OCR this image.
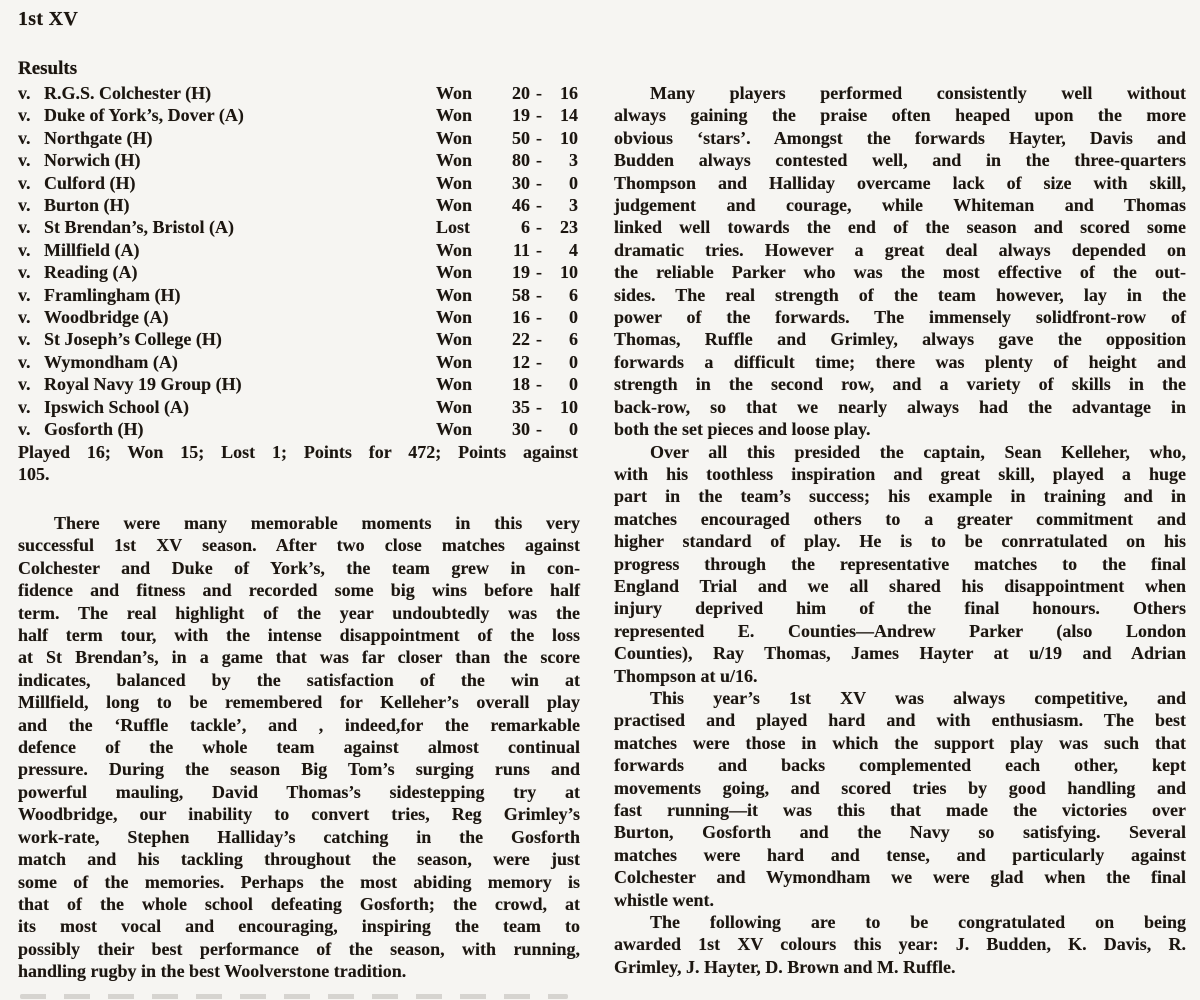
1st XV
Results
v. R.G.S. Colchester (H)	Won	20 -	16
v. Duke of York’s, Dover (A)	Won	19 -	14
v. Northgate (H)	Won	50 -	10
v. Norwich (H)	Won	80 -	3
v. Culford (H)	Won	30 -	0
v. Burton (H)	Won	46 -	3
v. St Brendan’s, Bristol (A)	Lost	6 -	23
v. Millfield (A)	Won	11 -	4
v. Reading (A)	Won	19 -	10
v. Framlingham (H)	Won	58 -	6
v. Woodbridge (A)	Won	16 -	0
v. St Joseph’s College (H)	Won	22 -	6
v. Wymondham (A)	Won	12 -	0
v. Royal Navy 19 Group (H)	Won	18 -	0
v. Ipswich School (A)	Won	35 -	10
v. Gosforth (H)	Won	30 -	0
Played 16; Won 15; Lost 1; Points for 472; Points against
105.
There were many memorable moments in this very
successful 1st XV season. After two close matches against
Colchester and Duke of York’s, the team grew in con-
fidence and fitness and recorded some big wins before half
term. The real highlight of the year undoubtedly was the
half term tour, with the intense disappointment of the loss
at St Brendan’s, in a game that was far closer than the score
indicates, balanced by the satisfaction of the win at
Millfield, long to be remembered for Kelleher’s overall play
and the ‘Ruffle tackle’, and , indeed,for the remarkable
defence of the whole team against almost continual
pressure. During the season Big Tom’s surging runs and
powerful mauling, David Thomas’s sidestepping try at
Woodbridge, our inability to convert tries, Reg Grimley’s
work-rate, Stephen Halliday’s catching in the Gosforth
match and his tackling throughout the season, were just
some of the memories. Perhaps the most abiding memory is
that of the whole school defeating Gosforth; the crowd, at
its most vocal and encouraging, inspiring the team to
possibly their best performance of the season, with running,
handling rugby in the best Woolverstone tradition.
Many players performed consistently well without
always gaining the praise often heaped upon the more
obvious ‘stars’. Amongst the forwards Hayter, Davis and
Budden always contested well, and in the three-quarters
Thompson and Halliday overcame lack of size with skill,
judgement and courage, while Whiteman and Thomas
linked well towards the end of the season and scored some
dramatic tries. However a great deal always depended on
the reliable Parker who was the most effective of the out-
sides. The real strength of the team however, lay in the
power of the forwards. The immensely solidfront-row of
Thomas, Ruffle and Grimley, always gave the opposition
forwards a difficult time; there was plenty of height and
strength in the second row, and a variety of skills in the
back-row, so that we nearly always had the advantage in
both the set pieces and loose play.
Over all this presided the captain, Sean Kelleher, who,
with his toothless inspiration and great skill, played a huge
part in the team’s success; his example in training and in
matches encouraged others to a greater commitment and
higher standard of play. He is to be conrratulated on his
progress through the representative matches to the final
England Trial and we all shared his disappointment when
injury deprived him of the final honours. Others
represented E. Counties—Andrew Parker (also London
Counties), Ray Thomas, James Hayter at u/19 and Adrian
Thompson at u/16.
This year’s 1st XV was always competitive, and
practised and played hard and with enthusiasm. The best
matches were those in which the support play was such that
forwards and backs complemented each other, kept
movements going, and scored tries by good handling and
fast running—it was this that made the victories over
Burton, Gosforth and the Navy so satisfying. Several
matches were hard and tense, and particularly against
Colchester and Wymondham we were glad when the final
whistle went.
The following are to be congratulated on being
awarded 1st XV colours this year: J. Budden, K. Davis, R.
Grimley, J. Hayter, D. Brown and M. Ruffle.
